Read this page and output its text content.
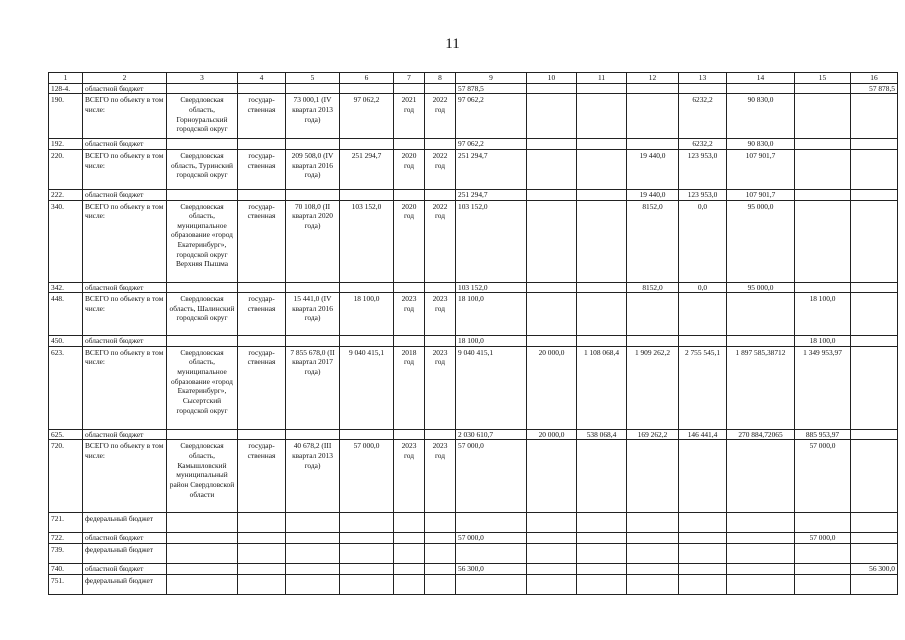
11
1	2	3	4	5	6	7	8	9	10	11	12	13	14	15	16
128-4.	областной бюджет							57 878,5							57 878,5
190.	ВСЕГО по объекту в том числе:	Свердловская область, Горноуральский городской округ	государ-ственная	73 000,1 (IV квартал 2013 года)	97 062,2	2021 год	2022 год	97 062,2				6232,2	90 830,0		
192.	областной бюджет							97 062,2				6232,2	90 830,0		
220.	ВСЕГО по объекту в том числе:	Свердловская область, Туринский городской округ	государ-ственная	209 508,0 (IV квартал 2016 года)	251 294,7	2020 год	2022 год	251 294,7			19 440,0	123 953,0	107 901,7		
222.	областной бюджет							251 294,7			19 440,0	123 953,0	107 901,7		
340.	ВСЕГО по объекту в том числе:	Свердловская область, муниципальное образование «город Екатеринбург», городской округ Верхняя Пышма	государ-ственная	70 108,0 (II квартал 2020 года)	103 152,0	2020 год	2022 год	103 152,0			8152,0	0,0	95 000,0		
342.	областной бюджет							103 152,0			8152,0	0,0	95 000,0		
448.	ВСЕГО по объекту в том числе:	Свердловская область, Шалинский городской округ	государ-ственная	15 441,0 (IV квартал 2016 года)	18 100,0	2023 год	2023 год	18 100,0						18 100,0	
450.	областной бюджет							18 100,0						18 100,0	
623.	ВСЕГО по объекту в том числе:	Свердловская область, муниципальное образование «город Екатеринбург», Сысертский городской округ	государ-ственная	7 855 678,0 (II квартал 2017 года)	9 040 415,1	2018 год	2023 год	9 040 415,1	20 000,0	1 108 068,4	1 909 262,2	2 755 545,1	1 897 585,38712	1 349 953,97	
625.	областной бюджет							2 030 610,7	20 000,0	538 068,4	169 262,2	146 441,4	270 884,72065	885 953,97	
720.	ВСЕГО по объекту в том числе:	Свердловская область, Камышловский муниципальный район Свердловской области	государ-ственная	40 678,2 (III квартал 2013 года)	57 000,0	2023 год	2023 год	57 000,0						57 000,0	
721.	федеральный бюджет														
722.	областной бюджет							57 000,0						57 000,0	
739.	федеральный бюджет														
740.	областной бюджет							56 300,0							56 300,0
751.	федеральный бюджет														
